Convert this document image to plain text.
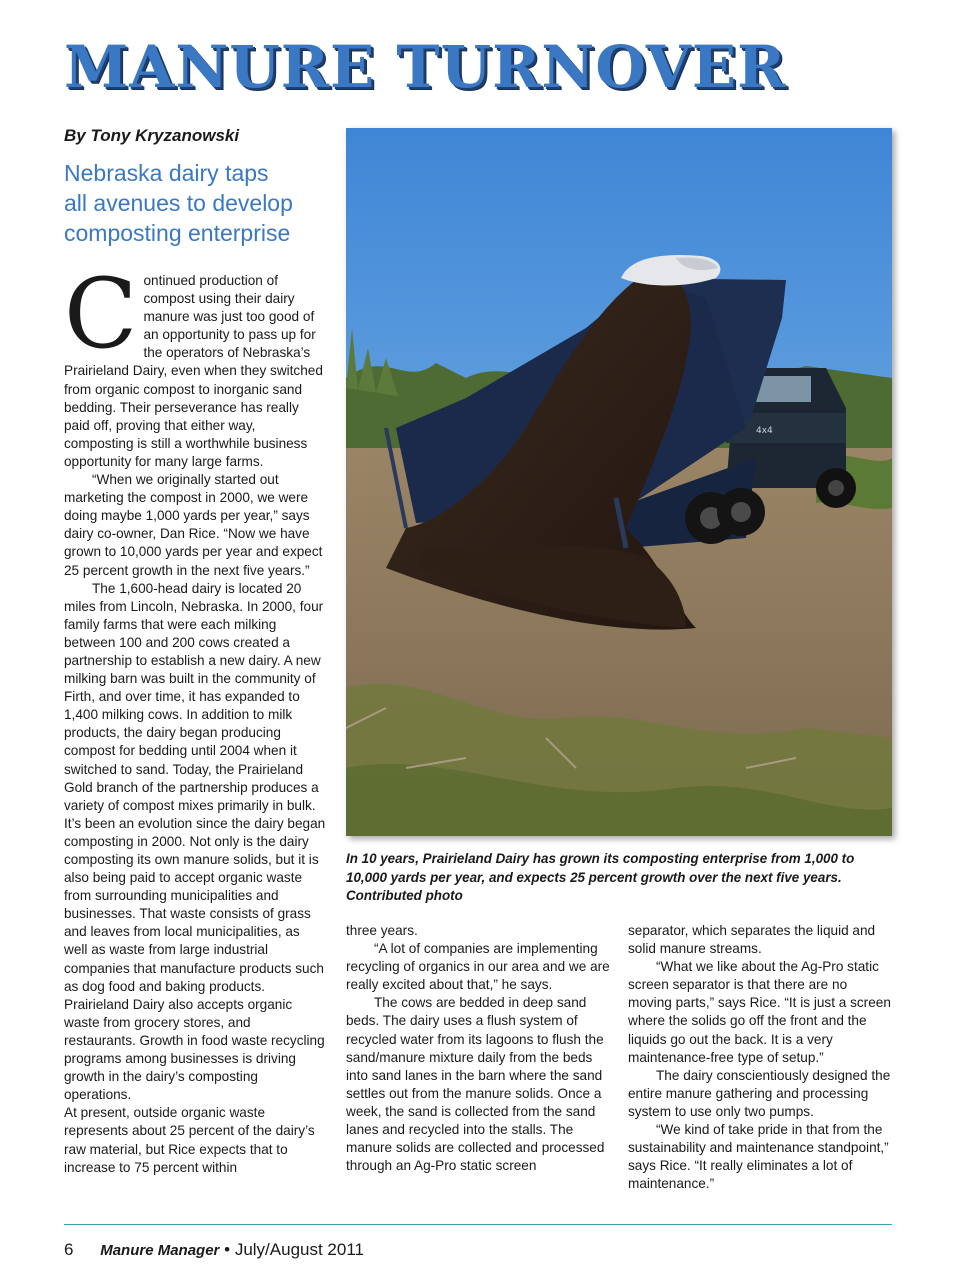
MANURE TURNOVER
By Tony Kryzanowski
Nebraska dairy taps
all avenues to develop
composting enterprise

Continued production of compost using their dairy manure was just too good of an opportunity to pass up for the operators of Nebraska’s Prairieland Dairy, even when they switched from organic compost to inorganic sand bedding. Their perseverance has really paid off, proving that either way, composting is still a worthwhile business opportunity for many large farms.

“When we originally started out marketing the compost in 2000, we were doing maybe 1,000 yards per year,” says dairy co-owner, Dan Rice. “Now we have grown to 10,000 yards per year and expect 25 percent growth in the next five years.”

The 1,600-head dairy is located 20 miles from Lincoln, Nebraska. In 2000, four family farms that were each milking between 100 and 200 cows created a partnership to establish a new dairy. A new milking barn was built in the community of Firth, and over time, it has expanded to 1,400 milking cows. In addition to milk products, the dairy began producing compost for bedding until 2004 when it switched to sand. Today, the Prairieland Gold branch of the partnership produces a variety of compost mixes primarily in bulk.

It’s been an evolution since the dairy began composting in 2000. Not only is the dairy composting its own manure solids, but it is also being paid to accept organic waste from surrounding municipalities and businesses. That waste consists of grass and leaves from local municipalities, as well as waste from large industrial companies that manufacture products such as dog food and baking products. Prairieland Dairy also accepts organic waste from grocery stores, and restaurants. Growth in food waste recycling programs among businesses is driving growth in the dairy’s composting operations.

At present, outside organic waste represents about 25 percent of the dairy’s raw material, but Rice expects that to increase to 75 percent within

4x4
In 10 years, Prairieland Dairy has grown its composting enterprise from 1,000 to 10,000 yards per year, and expects 25 percent growth over the next five years. Contributed photo

three years.

“A lot of companies are implementing recycling of organics in our area and we are really excited about that,” he says.

The cows are bedded in deep sand beds. The dairy uses a flush system of recycled water from its lagoons to flush the sand/manure mixture daily from the beds into sand lanes in the barn where the sand settles out from the manure solids. Once a week, the sand is collected from the sand lanes and recycled into the stalls. The manure solids are collected and processed through an Ag-Pro static screen

separator, which separates the liquid and solid manure streams.

“What we like about the Ag-Pro static screen separator is that there are no moving parts,” says Rice. “It is just a screen where the solids go off the front and the liquids go out the back. It is a very maintenance-free type of setup.”

The dairy conscientiously designed the entire manure gathering and processing system to use only two pumps.

“We kind of take pride in that from the sustainability and maintenance standpoint,” says Rice. “It really eliminates a lot of maintenance.”

6 Manure Manager • July/August 2011
